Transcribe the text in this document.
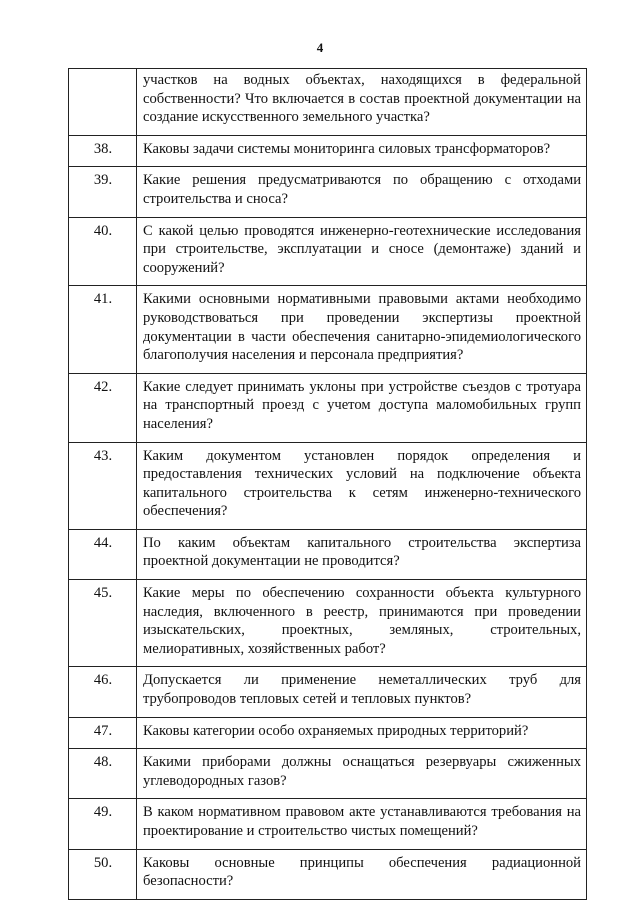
4
	участков на водных объектах, находящихся в федеральной собственности? Что включается в состав проектной документации на создание искусственного земельного участка?
38.	Каковы задачи системы мониторинга силовых трансформаторов?
39.	Какие решения предусматриваются по обращению с отходами строительства и сноса?
40.	С какой целью проводятся инженерно-геотехнические исследования при строительстве, эксплуатации и сносе (демонтаже) зданий и сооружений?
41.	Какими основными нормативными правовыми актами необходимо руководствоваться при проведении экспертизы проектной документации в части обеспечения санитарно-эпидемиологического благополучия населения и персонала предприятия?
42.	Какие следует принимать уклоны при устройстве съездов с тротуара на транспортный проезд с учетом доступа маломобильных групп населения?
43.	Каким документом установлен порядок определения и предоставления технических условий на подключение объекта капитального строительства к сетям инженерно-технического обеспечения?
44.	По каким объектам капитального строительства экспертиза проектной документации не проводится?
45.	Какие меры по обеспечению сохранности объекта культурного наследия, включенного в реестр, принимаются при проведении изыскательских, проектных, земляных, строительных, мелиоративных, хозяйственных работ?
46.	Допускается ли применение неметаллических труб для трубопроводов тепловых сетей и тепловых пунктов?
47.	Каковы категории особо охраняемых природных территорий?
48.	Какими приборами должны оснащаться резервуары сжиженных углеводородных газов?
49.	В каком нормативном правовом акте устанавливаются требования на проектирование и строительство чистых помещений?
50.	Каковы основные принципы обеспечения радиационной безопасности?
